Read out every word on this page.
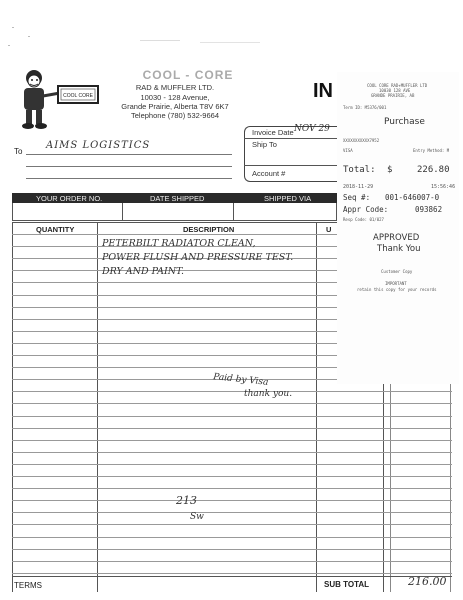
COOL CORE
COOL - CORE
RAD & MUFFLER LTD.
10030 - 128 Avenue,
Grande Prairie, Alberta T8V 6K7
Telephone (780) 532-9664
IN
Invoice Date NOV 29
Ship To
Account #
To
AIMS LOGISTICS
YOUR ORDER NO.	DATE SHIPPED	SHIPPED VIA
QUANTITY	DESCRIPTION	U
PETERBILT RADIATOR CLEAN,
POWER FLUSH AND PRESSURE TEST.
DRY AND PAINT.
Paid by Visa
thank you.
213
Sw
TERMS	SUB TOTAL	216.00
COOL CORE RAD+MUFFLER LTD
10030 128 AVE
GRANDE PRAIRIE, AB
Term ID: M5376/001
Purchase
XXXXXXXXXXX7952
VISA	Entry Method: M
Total: $	226.80
2018-11-29	15:56:46
Seq #: 001-646007-0
Appr Code:	093862
Resp Code: 01/027
APPROVED
Thank You
Customer Copy
IMPORTANT
retain this copy for your records
